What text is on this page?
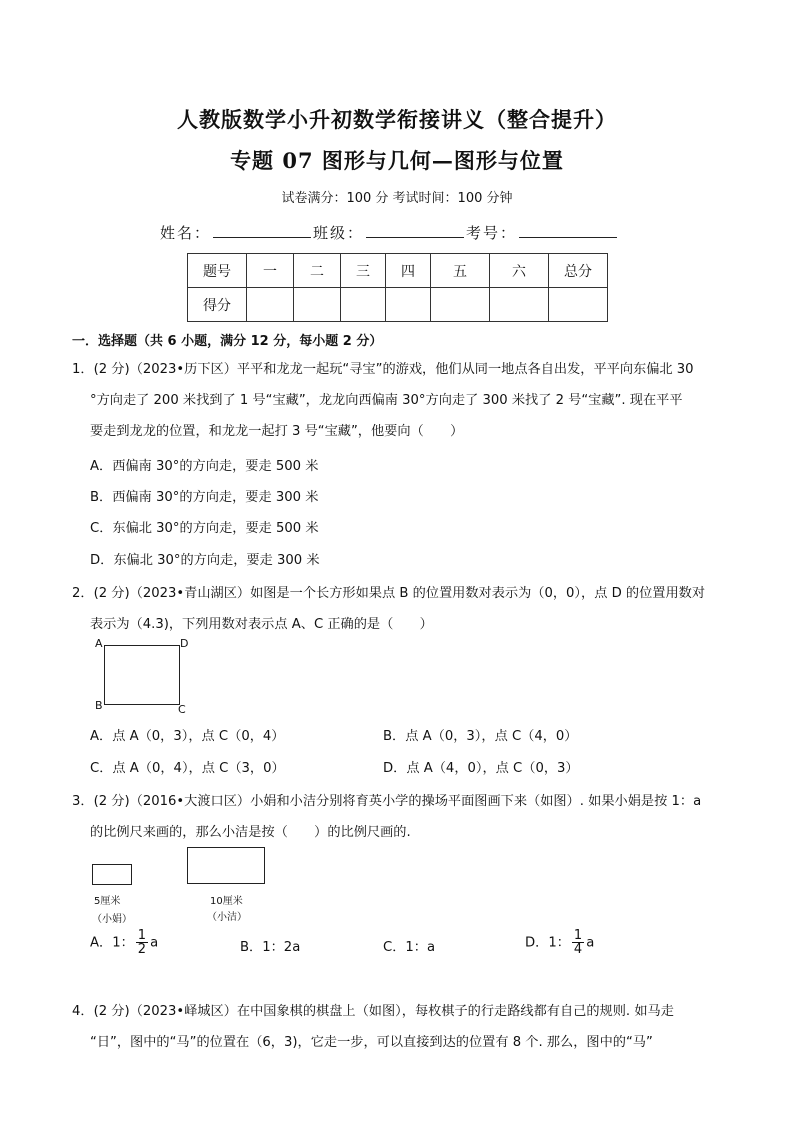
人教版数学小升初数学衔接讲义（整合提升）
专题 07 图形与几何—图形与位置
试卷满分：100 分 考试时间：100 分钟
姓名：	班级：	考号：
题号	一	二	三	四	五	六	总分
得分							
一．选择题（共 6 小题，满分 12 分，每小题 2 分）
1．(2 分)（2023•历下区）平平和龙龙一起玩“寻宝”的游戏，他们从同一地点各自出发，平平向东偏北 30
°方向走了 200 米找到了 1 号“宝藏”，龙龙向西偏南 30°方向走了 300 米找了 2 号“宝藏”. 现在平平
要走到龙龙的位置，和龙龙一起打 3 号“宝藏”，他要向（　　）
A．西偏南 30°的方向走，要走 500 米
B．西偏南 30°的方向走，要走 300 米
C．东偏北 30°的方向走，要走 500 米
D．东偏北 30°的方向走，要走 300 米
2．(2 分)（2023•青山湖区）如图是一个长方形如果点 B 的位置用数对表示为（0，0），点 D 的位置用数对
表示为（4.3)，下列用数对表示点 A、C 正确的是（　　）
A	D
B	C
A．点 A（0，3），点 C（0，4）	B．点 A（0，3），点 C（4，0）
C．点 A（0，4），点 C（3，0）	D．点 A（4，0），点 C（0，3）
3．(2 分)（2016•大渡口区）小娟和小洁分别将育英小学的操场平面图画下来（如图）. 如果小娟是按 1：a
的比例尺来画的，那么小洁是按（　　）的比例尺画的.
5厘米
（小娟）
10厘米
（小洁）
A．1： $\frac{1}{2}$ a	B．1：2a	C．1：a	D．1： $\frac{1}{4}$ a
4．(2 分)（2023•峄城区）在中国象棋的棋盘上（如图），每枚棋子的行走路线都有自己的规则. 如马走
“日”，图中的“马”的位置在（6，3)，它走一步，可以直接到达的位置有 8 个. 那么，图中的“马”
